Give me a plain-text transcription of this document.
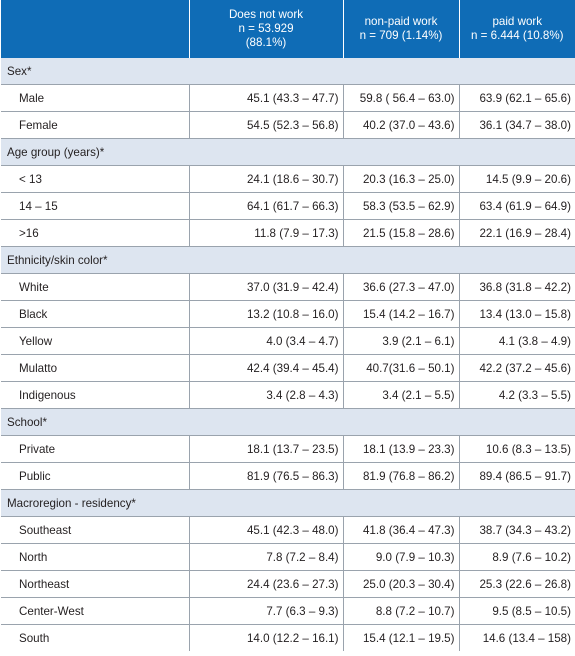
	Does not work
n = 53.929
(88.1%)	non-paid work
n = 709 (1.14%)	paid work
n = 6.444 (10.8%)

Sex*			
Male	45.1 (43.3 – 47.7)	59.8 ( 56.4 – 63.0)	63.9 (62.1 – 65.6)
Female	54.5 (52.3 – 56.8)	40.2 (37.0 – 43.6)	36.1 (34.7 – 38.0)
Age group (years)*			
< 13	24.1 (18.6 – 30.7)	20.3 (16.3 – 25.0)	14.5 (9.9 – 20.6)
14 – 15	64.1 (61.7 – 66.3)	58.3 (53.5 – 62.9)	63.4 (61.9 – 64.9)
>16	11.8 (7.9 – 17.3)	21.5 (15.8 – 28.6)	22.1 (16.9 – 28.4)
Ethnicity/skin color*			
White	37.0 (31.9 – 42.4)	36.6 (27.3 – 47.0)	36.8 (31.8 – 42.2)
Black	13.2 (10.8 – 16.0)	15.4 (14.2 – 16.7)	13.4 (13.0 – 15.8)
Yellow	4.0 (3.4 – 4.7)	3.9 (2.1 – 6.1)	4.1 (3.8 – 4.9)
Mulatto	42.4 (39.4 – 45.4)	40.7(31.6 – 50.1)	42.2 (37.2 – 45.6)
Indigenous	3.4 (2.8 – 4.3)	3.4 (2.1 – 5.5)	4.2 (3.3 – 5.5)
School*			
Private	18.1 (13.7 – 23.5)	18.1 (13.9 – 23.3)	10.6 (8.3 – 13.5)
Public	81.9 (76.5 – 86.3)	81.9 (76.8 – 86.2)	89.4 (86.5 – 91.7)
Macroregion - residency*			
Southeast	45.1 (42.3 – 48.0)	41.8 (36.4 – 47.3)	38.7 (34.3 – 43.2)
North	7.8 (7.2 – 8.4)	9.0 (7.9 – 10.3)	8.9 (7.6 – 10.2)
Northeast	24.4 (23.6 – 27.3)	25.0 (20.3 – 30.4)	25.3 (22.6 – 26.8)
Center-West	7.7 (6.3 – 9.3)	8.8 (7.2 – 10.7)	9.5 (8.5 – 10.5)
South	14.0 (12.2 – 16.1)	15.4 (12.1 – 19.5)	14.6 (13.4 – 158)
